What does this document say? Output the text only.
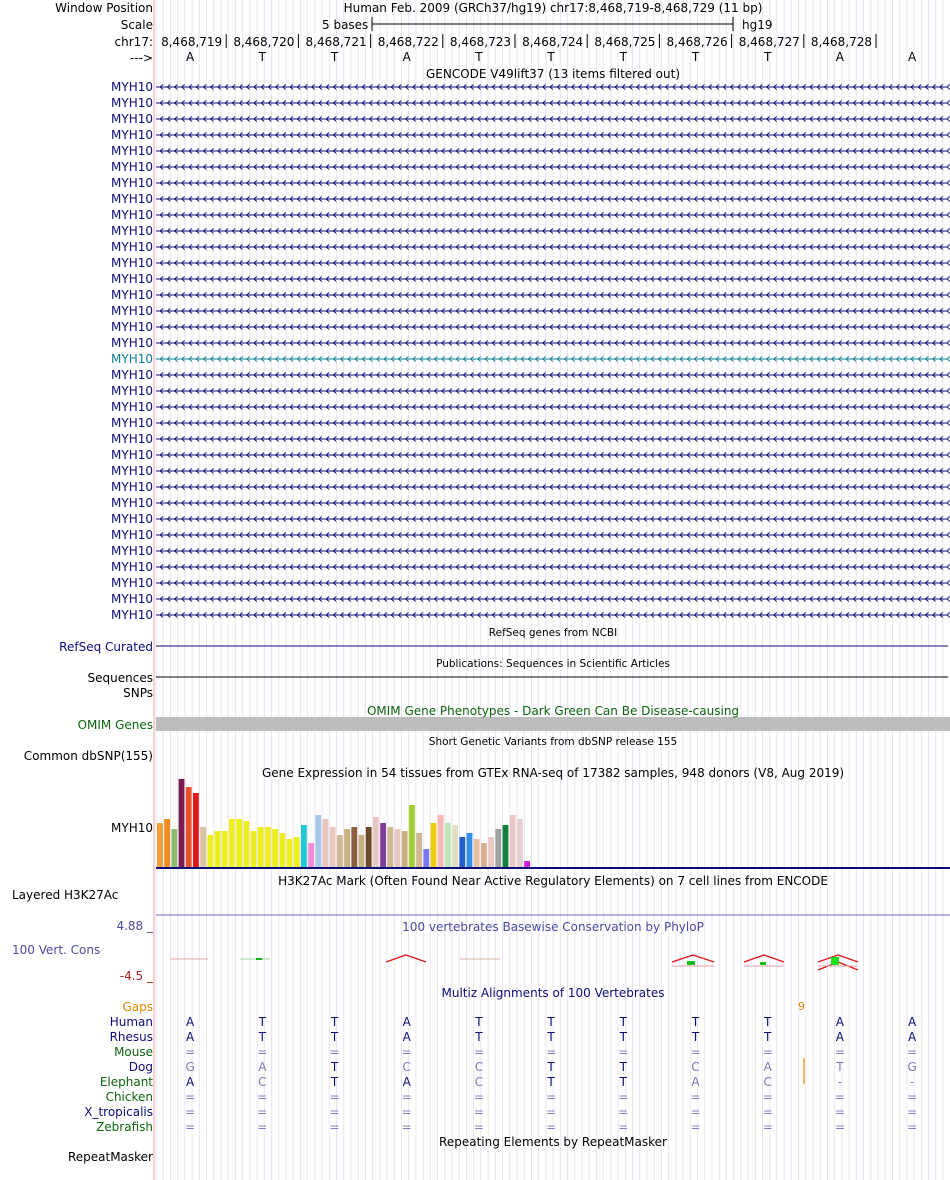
Window Position
Scale
chr17:
--->
Human Feb. 2009 (GRCh37/hg19) chr17:8,468,719-8,468,729 (11 bp)
5 bases	hg19
8,468,719 8,468,720 8,468,721 8,468,722 8,468,723 8,468,724 8,468,725 8,468,726 8,468,727 8,468,728
A	T	T	A	T	T	T	T	T	A	A
GENCODE V49lift37 (13 items filtered out)
MYH10
MYH10
MYH10
MYH10
MYH10
MYH10
MYH10
MYH10
MYH10
MYH10
MYH10
MYH10
MYH10
MYH10
MYH10
MYH10
MYH10
MYH10
MYH10
MYH10
MYH10
MYH10
MYH10
MYH10
MYH10
MYH10
MYH10
MYH10
MYH10
MYH10
MYH10
MYH10
MYH10
MYH10
RefSeq genes from NCBI
RefSeq Curated
Publications: Sequences in Scientific Articles
Sequences
SNPs
OMIM Gene Phenotypes - Dark Green Can Be Disease-causing
OMIM Genes
Short Genetic Variants from dbSNP release 155
Common dbSNP(155)
Gene Expression in 54 tissues from GTEx RNA-seq of 17382 samples, 948 donors (V8, Aug 2019)
MYH10
H3K27Ac Mark (Often Found Near Active Regulatory Elements) on 7 cell lines from ENCODE
Layered H3K27Ac
100 vertebrates Basewise Conservation by PhyloP
100 Vert. Cons
4.88 _
-4.5 _
Multiz Alignments of 100 Vertebrates
Gaps	9
Human	A	T	T	A	T	T	T	T	T	A	A
Rhesus	A	T	T	A	T	T	T	T	T	A	A
Mouse	=	=	=	=	=	=	=	=	=	=	=
Dog	G	A	T	C	C	T	T	C	A	T	G
Elephant	A	C	T	A	C	T	T	A	C	-	-
Chicken	=	=	=	=	=	=	=	=	=	=	=
X_tropicalis	=	=	=	=	=	=	=	=	=	=	=
Zebrafish	=	=	=	=	=	=	=	=	=	=	=
Repeating Elements by RepeatMasker
RepeatMasker
